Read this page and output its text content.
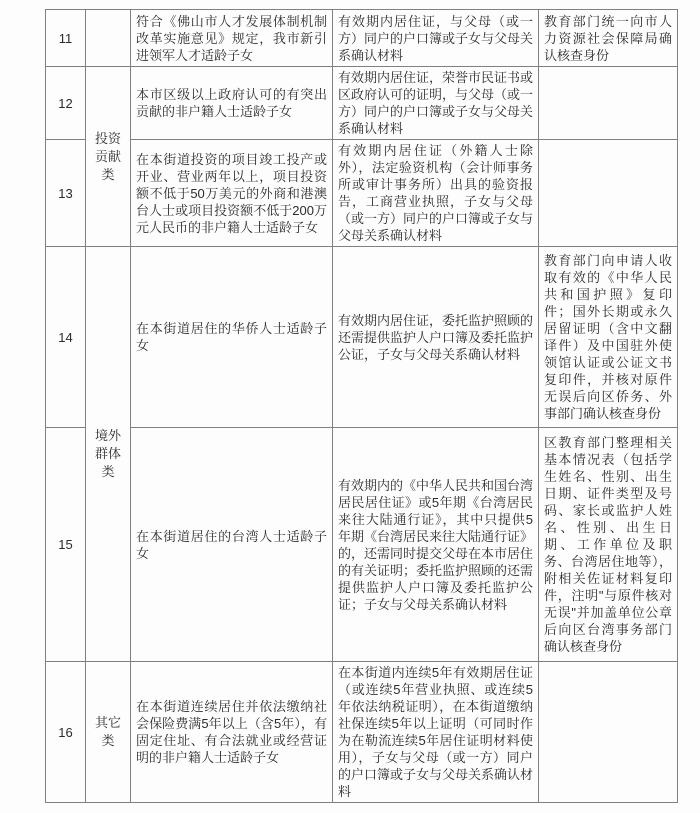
11		符合《佛山市人才发展体制机制改革实施意见》规定，我市新引进领军人才适龄子女	有效期内居住证，与父母（或一方）同户的户口簿或子女与父母关系确认材料	教育部门统一向市人力资源社会保障局确认核查身份
12	投资贡献类	本市区级以上政府认可的有突出贡献的非户籍人士适龄子女	有效期内居住证，荣誉市民证书或区政府认可的证明，与父母（或一方）同户的户口簿或子女与父母关系确认材料	
13		在本街道投资的项目竣工投产或开业、营业两年以上，项目投资额不低于50万美元的外商和港澳台人士或项目投资额不低于200万元人民币的非户籍人士适龄子女	有效期内居住证（外籍人士除外），法定验资机构（会计师事务所或审计事务所）出具的验资报告，工商营业执照，子女与父母（或一方）同户的户口簿或子女与父母关系确认材料	
14	境外群体类	在本街道居住的华侨人士适龄子女	有效期内居住证，委托监护照顾的还需提供监护人户口簿及委托监护公证，子女与父母关系确认材料	教育部门向申请人收取有效的《中华人民共和国护照》复印件；国外长期或永久居留证明（含中文翻译件）及中国驻外使领馆认证或公证文书复印件，并核对原件无误后向区侨务、外事部门确认核查身份
15		在本街道居住的台湾人士适龄子女	有效期内的《中华人民共和国台湾居民居住证》或5年期《台湾居民来往大陆通行证》，其中只提供5年期《台湾居民来往大陆通行证》的，还需同时提交父母在本市居住的有关证明；委托监护照顾的还需提供监护人户口簿及委托监护公证；子女与父母关系确认材料	区教育部门整理相关基本情况表（包括学生姓名、性别、出生日期、证件类型及号码、家长或监护人姓名、性别、出生日期、工作单位及职务、台湾居住地等），附相关佐证材料复印件，注明"与原件核对无误"并加盖单位公章后向区台湾事务部门确认核查身份
16	其它类	在本街道连续居住并依法缴纳社会保险费满5年以上（含5年），有固定住址、有合法就业或经营证明的非户籍人士适龄子女	在本街道内连续5年有效期居住证（或连续5年营业执照、或连续5年依法纳税证明），在本街道缴纳社保连续5年以上证明（可同时作为在勒流连续5年居住证明材料使用），子女与父母（或一方）同户的户口簿或子女与父母关系确认材料	
